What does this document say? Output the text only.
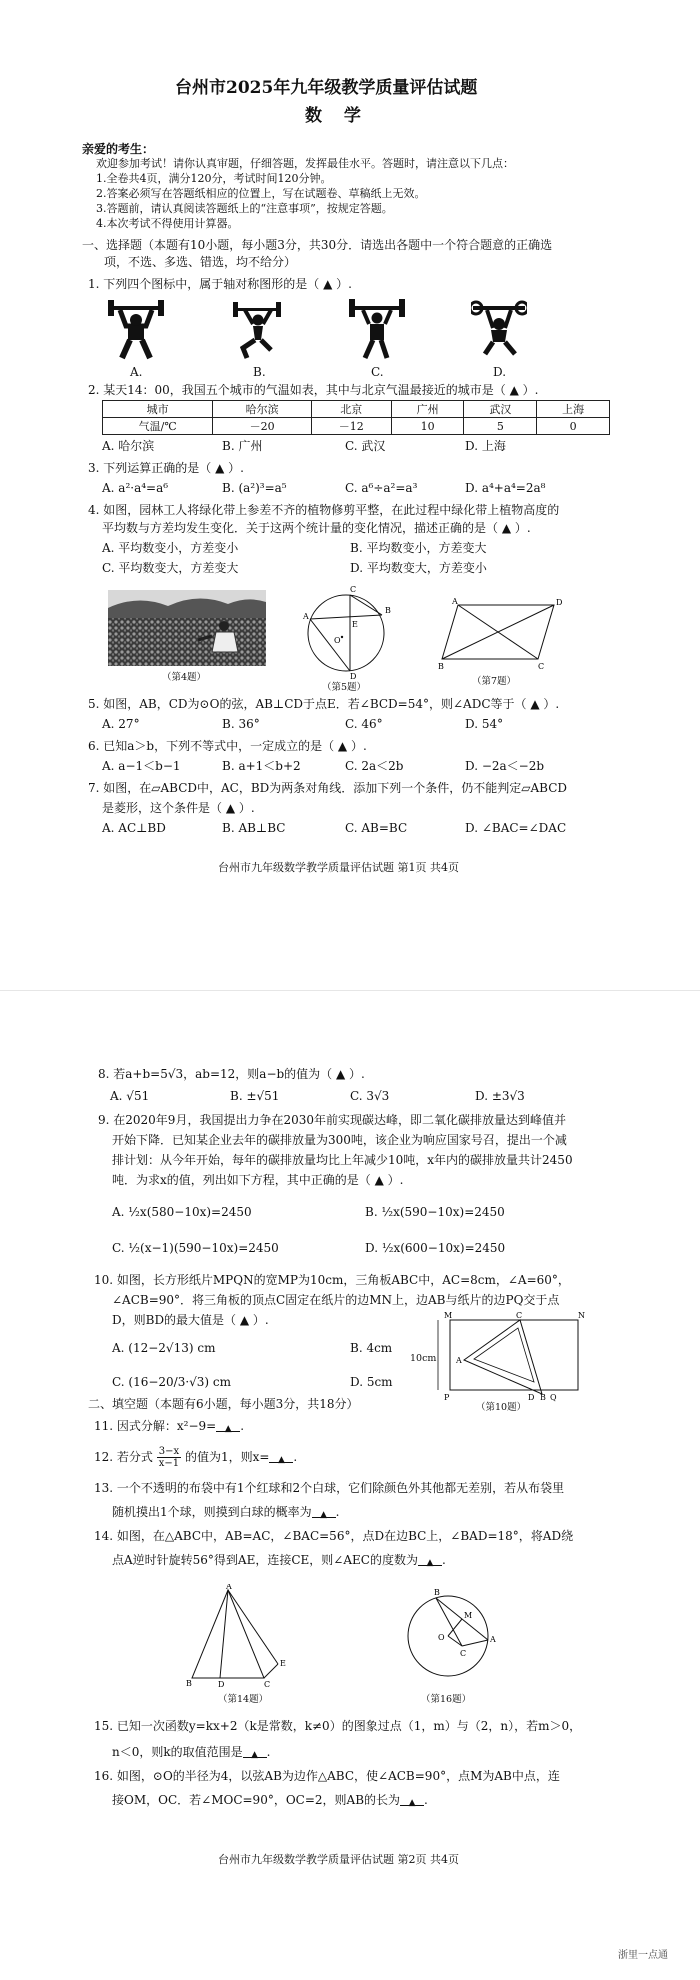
台州市2025年九年级教学质量评估试题
数 学
亲爱的考生：
欢迎参加考试！请你认真审题，仔细答题，发挥最佳水平。答题时，请注意以下几点：
1.全卷共4页，满分120分，考试时间120分钟。
2.答案必须写在答题纸相应的位置上，写在试题卷、草稿纸上无效。
3.答题前，请认真阅读答题纸上的“注意事项”，按规定答题。
4.本次考试不得使用计算器。
一、选择题（本题有10小题，每小题3分，共30分．请选出各题中一个符合题意的正确选
项，不选、多选、错选，均不给分）
1. 下列四个图标中，属于轴对称图形的是（ ▲ ）.
A.	B.	C.	D.
2. 某天14：00，我国五个城市的气温如表，其中与北京气温最接近的城市是（ ▲ ）.
城市	哈尔滨	北京	广州	武汉	上海
气温/℃	－20	－12	10	5	0
A. 哈尔滨	B. 广州	C. 武汉	D. 上海
3. 下列运算正确的是（ ▲ ）.
A. a²·a⁴=a⁶	B. (a²)³=a⁵	C. a⁶÷a²=a³	D. a⁴+a⁴=2a⁸
4. 如图，园林工人将绿化带上参差不齐的植物修剪平整，在此过程中绿化带上植物高度的
平均数与方差均发生变化．关于这两个统计量的变化情况，描述正确的是（ ▲ ）.
A. 平均数变小，方差变小	B. 平均数变小，方差变大
C. 平均数变大，方差变大	D. 平均数变大，方差变小
（第4题）
C
A
B
E
O
D
（第5题）
A	D
B	C
（第7题）
5. 如图，AB，CD为⊙O的弦，AB⊥CD于点E．若∠BCD=54°，则∠ADC等于（ ▲ ）.
A. 27°	B. 36°	C. 46°	D. 54°
6. 已知a＞b，下列不等式中，一定成立的是（ ▲ ）.
A. a−1＜b−1	B. a+1＜b+2	C. 2a＜2b	D. −2a＜−2b
7. 如图，在▱ABCD中，AC，BD为两条对角线．添加下列一个条件，仍不能判定▱ABCD
是菱形，这个条件是（ ▲ ）.
A. AC⊥BD	B. AB⊥BC	C. AB=BC	D. ∠BAC=∠DAC
台州市九年级数学教学质量评估试题 第1页 共4页
8. 若a+b=5√3，ab=12，则a−b的值为（ ▲ ）.
A. √51	B. ±√51	C. 3√3	D. ±3√3
9. 在2020年9月，我国提出力争在2030年前实现碳达峰，即二氧化碳排放量达到峰值并
开始下降．已知某企业去年的碳排放量为300吨，该企业为响应国家号召，提出一个减
排计划：从今年开始，每年的碳排放量均比上年减少10吨，x年内的碳排放量共计2450
吨．为求x的值，列出如下方程，其中正确的是（ ▲ ）.
A. ½x(580−10x)=2450	B. ½x(590−10x)=2450
C. ½(x−1)(590−10x)=2450	D. ½x(600−10x)=2450
10. 如图，长方形纸片MPQN的宽MP为10cm，三角板ABC中，AC=8cm，∠A=60°，
∠ACB=90°．将三角板的顶点C固定在纸片的边MN上，边AB与纸片的边PQ交于点
D，则BD的最大值是（ ▲ ）.
A. (12−2√13) cm	B. 4cm
C. (16−20/3·√3) cm	D. 5cm
M	C	N
A
P	D B Q
10cm
（第10题）
二、填空题（本题有6小题，每小题3分，共18分）
11. 因式分解：x²−9= ▲ .
12. 若分式 $\frac{3-x}{x-1}$ 的值为1，则x= ▲ .
13. 一个不透明的布袋中有1个红球和2个白球，它们除颜色外其他都无差别，若从布袋里
随机摸出1个球，则摸到白球的概率为 ▲ .
14. 如图，在△ABC中，AB=AC，∠BAC=56°，点D在边BC上，∠BAD=18°，将AD绕
点A逆时针旋转56°得到AE，连接CE，则∠AEC的度数为 ▲ .
A
B	D	C
E
（第14题）
B
M
O	A
C
（第16题）
15. 已知一次函数y=kx+2（k是常数，k≠0）的图象过点（1，m）与（2，n），若m＞0，
n＜0，则k的取值范围是 ▲ .
16. 如图，⊙O的半径为4，以弦AB为边作△ABC，使∠ACB=90°，点M为AB中点，连
接OM，OC．若∠MOC=90°，OC=2，则AB的长为 ▲ .
台州市九年级数学教学质量评估试题 第2页 共4页
浙里一点通
